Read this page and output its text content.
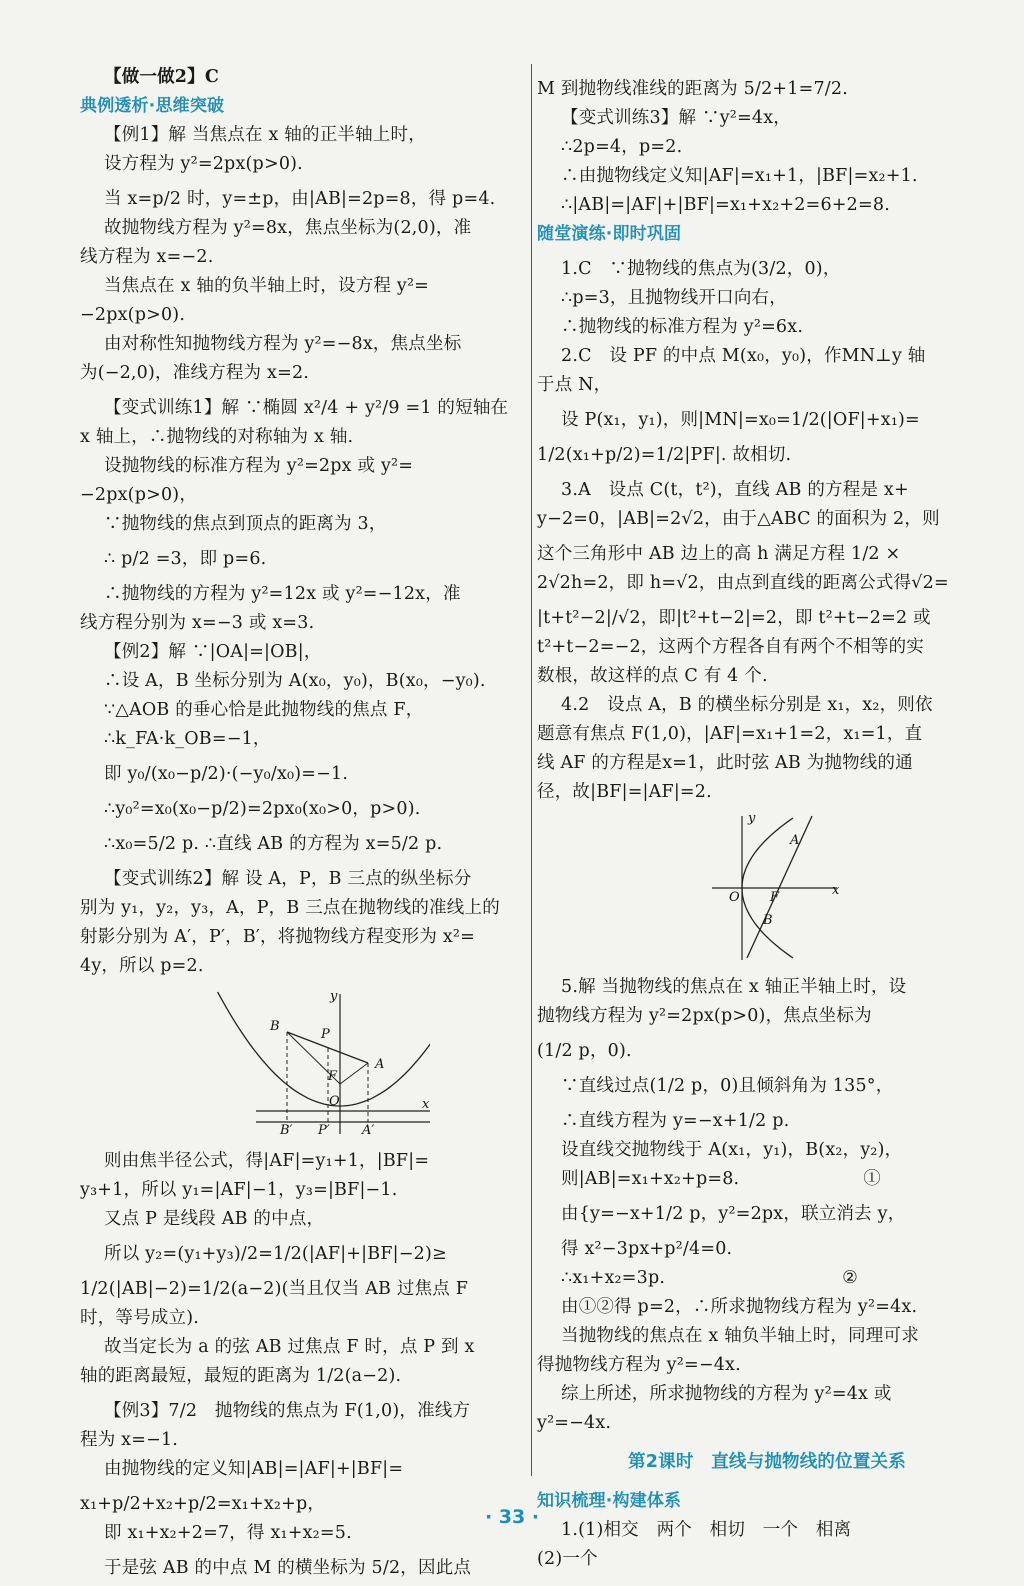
【做一做2】C
典例透析·思维突破
【例1】解 当焦点在 x 轴的正半轴上时，
设方程为 y²=2px(p>0).
当 x=p/2 时，y=±p，由|AB|=2p=8，得 p=4.
故抛物线方程为 y²=8x，焦点坐标为(2,0)，准
线方程为 x=−2.
当焦点在 x 轴的负半轴上时，设方程 y²=
−2px(p>0).
由对称性知抛物线方程为 y²=−8x，焦点坐标
为(−2,0)，准线方程为 x=2.
【变式训练1】解 ∵椭圆 x²/4 + y²/9 =1 的短轴在
x 轴上，∴抛物线的对称轴为 x 轴.
设抛物线的标准方程为 y²=2px 或 y²=
−2px(p>0)，
∵抛物线的焦点到顶点的距离为 3，
∴ p/2 =3，即 p=6.
∴抛物线的方程为 y²=12x 或 y²=−12x，准
线方程分别为 x=−3 或 x=3.
【例2】解 ∵|OA|=|OB|，
∴设 A，B 坐标分别为 A(x₀，y₀)，B(x₀，−y₀).
∵△AOB 的垂心恰是此抛物线的焦点 F，
∴k_FA·k_OB=−1，
即 y₀/(x₀−p/2)·(−y₀/x₀)=−1.
∴y₀²=x₀(x₀−p/2)=2px₀(x₀>0，p>0).
∴x₀=5/2 p. ∴直线 AB 的方程为 x=5/2 p.
【变式训练2】解 设 A，P，B 三点的纵坐标分
别为 y₁，y₂，y₃，A，P，B 三点在抛物线的准线上的
射影分别为 A′，P′，B′，将抛物线方程变形为 x²=
4y，所以 p=2.
B
P
F
A
O	x
y
B′ P′ A′
则由焦半径公式，得|AF|=y₁+1，|BF|=
y₃+1，所以 y₁=|AF|−1，y₃=|BF|−1.
又点 P 是线段 AB 的中点，
所以 y₂=(y₁+y₃)/2=1/2(|AF|+|BF|−2)≥
1/2(|AB|−2)=1/2(a−2)(当且仅当 AB 过焦点 F
时，等号成立).
故当定长为 a 的弦 AB 过焦点 F 时，点 P 到 x
轴的距离最短，最短的距离为 1/2(a−2).
【例3】7/2　抛物线的焦点为 F(1,0)，准线方
程为 x=−1.
由抛物线的定义知|AB|=|AF|+|BF|=
x₁+p/2+x₂+p/2=x₁+x₂+p，
即 x₁+x₂+2=7，得 x₁+x₂=5.
于是弦 AB 的中点 M 的横坐标为 5/2，因此点
M 到抛物线准线的距离为 5/2+1=7/2.
【变式训练3】解 ∵y²=4x，
∴2p=4，p=2.
∴由抛物线定义知|AF|=x₁+1，|BF|=x₂+1.
∴|AB|=|AF|+|BF|=x₁+x₂+2=6+2=8.
随堂演练·即时巩固
1.C　∵抛物线的焦点为(3/2，0)，
∴p=3，且抛物线开口向右，
∴抛物线的标准方程为 y²=6x.
2.C　设 PF 的中点 M(x₀，y₀)，作MN⊥y 轴
于点 N，
设 P(x₁，y₁)，则|MN|=x₀=1/2(|OF|+x₁)=
1/2(x₁+p/2)=1/2|PF|. 故相切.
3.A　设点 C(t，t²)，直线 AB 的方程是 x+
y−2=0，|AB|=2√2，由于△ABC 的面积为 2，则
这个三角形中 AB 边上的高 h 满足方程 1/2 ×
2√2h=2，即 h=√2，由点到直线的距离公式得√2=
|t+t²−2|/√2，即|t²+t−2|=2，即 t²+t−2=2 或
t²+t−2=−2，这两个方程各自有两个不相等的实
数根，故这样的点 C 有 4 个.
4.2　设点 A，B 的横坐标分别是 x₁，x₂，则依
题意有焦点 F(1,0)，|AF|=x₁+1=2，x₁=1，直
线 AF 的方程是x=1，此时弦 AB 为抛物线的通
径，故|BF|=|AF|=2.
y
A
O F	x
B
5.解 当抛物线的焦点在 x 轴正半轴上时，设
抛物线方程为 y²=2px(p>0)，焦点坐标为
(1/2 p，0).
∵直线过点(1/2 p，0)且倾斜角为 135°，
∴直线方程为 y=−x+1/2 p.
设直线交抛物线于 A(x₁，y₁)，B(x₂，y₂)，
则|AB|=x₁+x₂+p=8.　　　　　　　①
由{y=−x+1/2 p，y²=2px，联立消去 y，
得 x²−3px+p²/4=0.
∴x₁+x₂=3p.　　　　　　　　　　②
由①②得 p=2，∴所求抛物线方程为 y²=4x.
当抛物线的焦点在 x 轴负半轴上时，同理可求
得抛物线方程为 y²=−4x.
综上所述，所求抛物线的方程为 y²=4x 或
y²=−4x.
第2课时　直线与抛物线的位置关系
知识梳理·构建体系
1.(1)相交　两个　相切　一个　相离
(2)一个
· 33 ·
